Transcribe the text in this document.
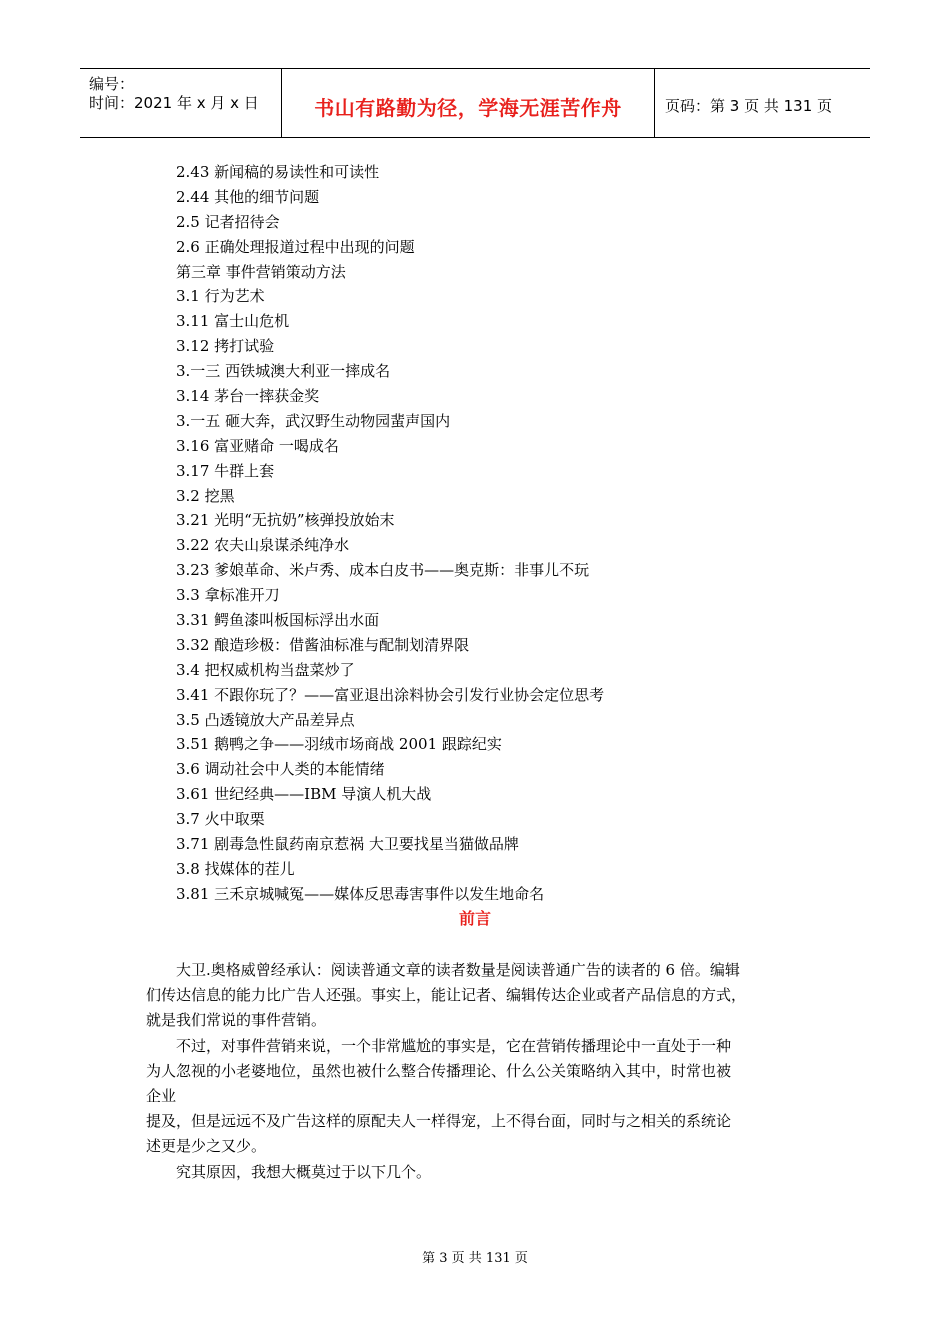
编号：
时间：2021 年 x 月 x 日	书山有路勤为径，学海无涯苦作舟	页码：第 3 页 共 131 页
2.43 新闻稿的易读性和可读性
2.44 其他的细节问题
2.5 记者招待会
2.6 正确处理报道过程中出现的问题
第三章 事件营销策动方法
3.1 行为艺术
3.11 富士山危机
3.12 拷打试验
3.一三 西铁城澳大利亚一摔成名
3.14 茅台一摔获金奖
3.一五 砸大奔，武汉野生动物园蜚声国内
3.16 富亚赌命 一喝成名
3.17 牛群上套
3.2 挖黑
3.21 光明“无抗奶”核弹投放始末
3.22 农夫山泉谋杀纯净水
3.23 爹娘革命、米卢秀、成本白皮书——奥克斯：非事儿不玩
3.3 拿标准开刀
3.31 鳄鱼漆叫板国标浮出水面
3.32 酿造珍极：借酱油标准与配制划清界限
3.4 把权威机构当盘菜炒了
3.41 不跟你玩了？——富亚退出涂料协会引发行业协会定位思考
3.5 凸透镜放大产品差异点
3.51 鹅鸭之争——羽绒市场商战 2001 跟踪纪实
3.6 调动社会中人类的本能情绪
3.61 世纪经典——IBM 导演人机大战
3.7 火中取栗
3.71 剧毒急性鼠药南京惹祸 大卫要找星当猫做品牌
3.8 找媒体的茬儿
3.81 三禾京城喊冤——媒体反思毒害事件以发生地命名
前言
大卫.奥格威曾经承认：阅读普通文章的读者数量是阅读普通广告的读者的 6 倍。编辑
们传达信息的能力比广告人还强。事实上，能让记者、编辑传达企业或者产品信息的方式，
就是我们常说的事件营销。
不过，对事件营销来说，一个非常尴尬的事实是，它在营销传播理论中一直处于一种
为人忽视的小老婆地位，虽然也被什么整合传播理论、什么公关策略纳入其中，时常也被
企业
提及，但是远远不及广告这样的原配夫人一样得宠，上不得台面，同时与之相关的系统论
述更是少之又少。
究其原因，我想大概莫过于以下几个。
第 3 页 共 131 页
